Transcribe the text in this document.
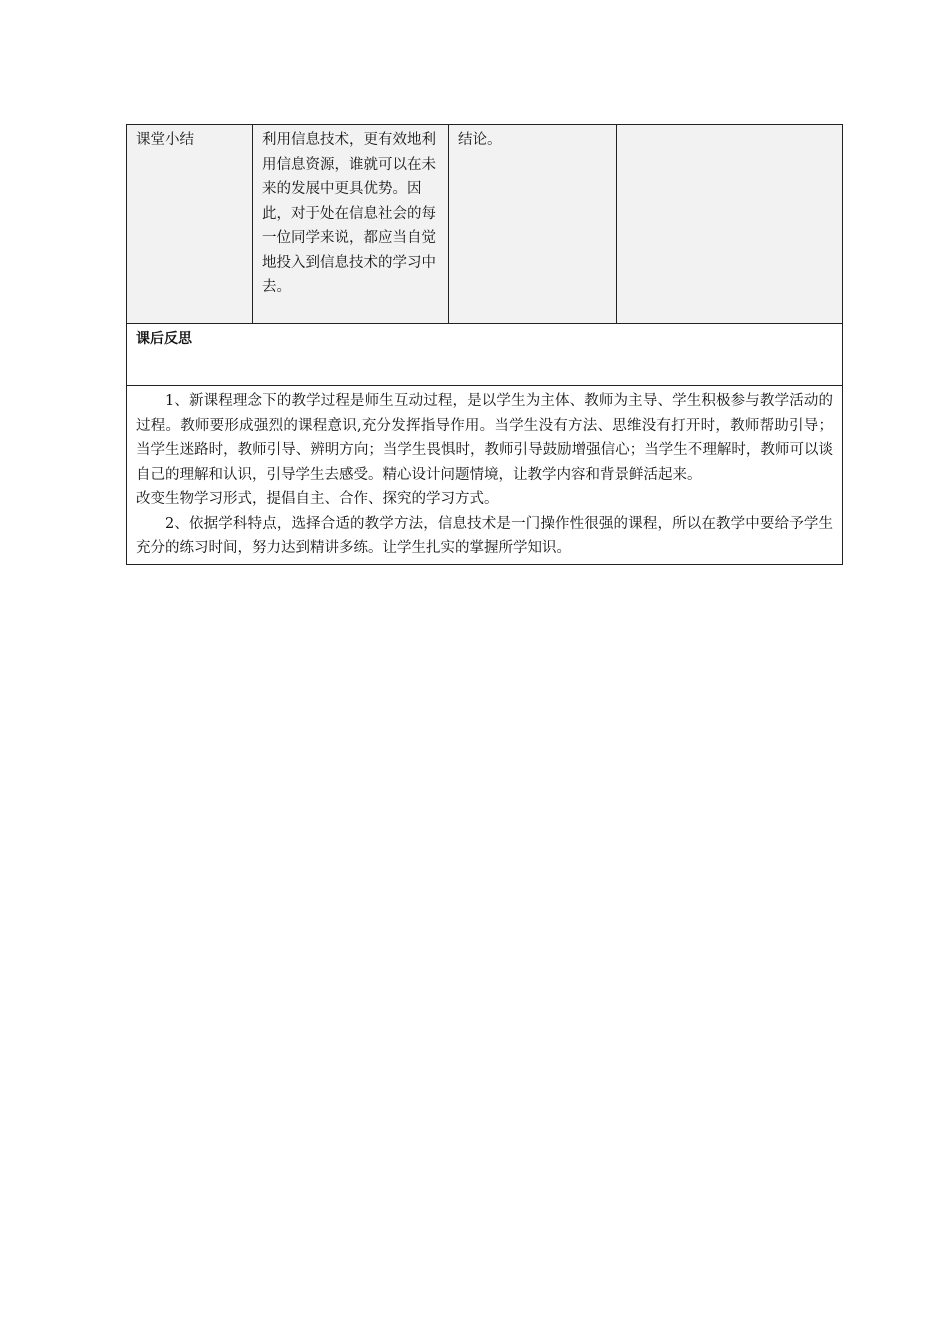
课堂小结	利用信息技术，更有效地利用信息资源，谁就可以在未来的发展中更具优势。因此，对于处在信息社会的每一位同学来说，都应当自觉地投入到信息技术的学习中去。	结论。	
课后反思

1、新课程理念下的教学过程是师生互动过程，是以学生为主体、教师为主导、学生积极参与教学活动的过程。教师要形成强烈的课程意识,充分发挥指导作用。当学生没有方法、思维没有打开时，教师帮助引导；当学生迷路时，教师引导、辨明方向；当学生畏惧时，教师引导鼓励增强信心；当学生不理解时，教师可以谈自己的理解和认识，引导学生去感受。精心设计问题情境，让教学内容和背景鲜活起来。

改变生物学习形式，提倡自主、合作、探究的学习方式。

2、依据学科特点，选择合适的教学方法，信息技术是一门操作性很强的课程，所以在教学中要给予学生充分的练习时间，努力达到精讲多练。让学生扎实的掌握所学知识。
